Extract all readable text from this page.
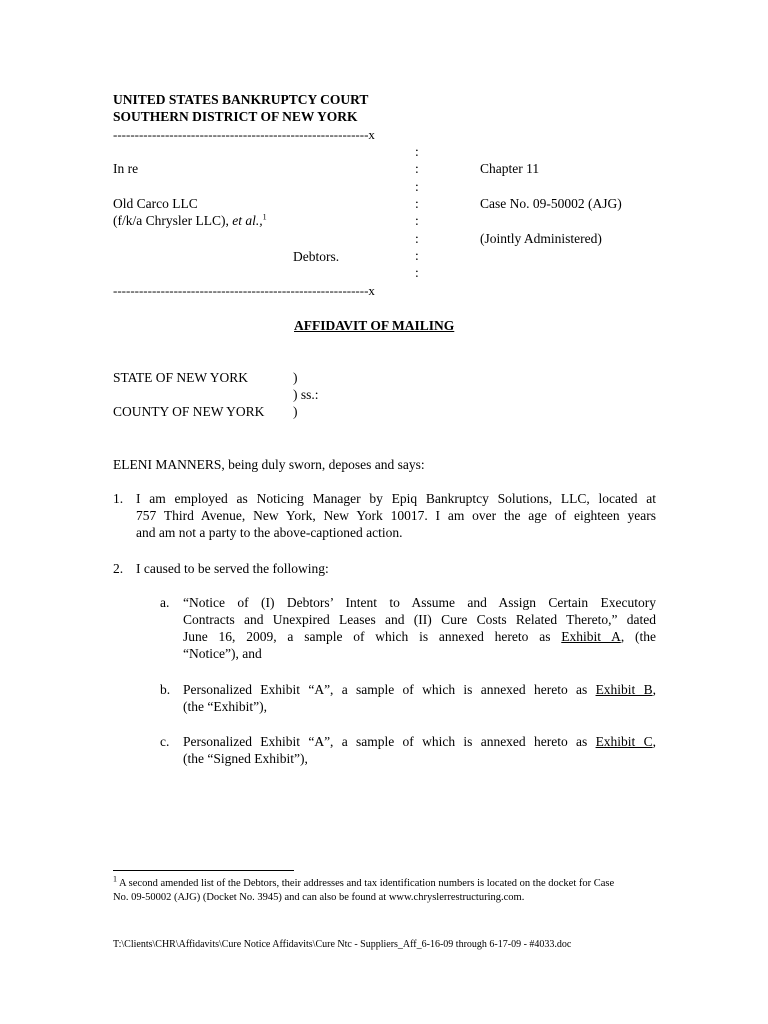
UNITED STATES BANKRUPTCY COURT
SOUTHERN DISTRICT OF NEW YORK
-----------------------------------------------------------x
:
:
:
:
:
:
:
:
In re
Old Carco LLC
(f/k/a Chrysler LLC), et al.,$^1$
Debtors.
Chapter 11
Case No. 09-50002 (AJG)
(Jointly Administered)
-----------------------------------------------------------x
AFFIDAVIT OF MAILING
STATE OF NEW YORK	)
) ss.:
COUNTY OF NEW YORK )
ELENI MANNERS, being duly sworn, deposes and says:
1. I am employed as Noticing Manager by Epiq Bankruptcy Solutions, LLC, located at
757 Third Avenue, New York, New York 10017. I am over the age of eighteen years
and am not a party to the above-captioned action.
2. I caused to be served the following:
a. “Notice of (I) Debtors’ Intent to Assume and Assign Certain Executory
Contracts and Unexpired Leases and (II) Cure Costs Related Thereto,” dated
June 16, 2009, a sample of which is annexed hereto as Exhibit A, (the
“Notice”), and
b. Personalized Exhibit “A”, a sample of which is annexed hereto as Exhibit B,
(the “Exhibit”),
c. Personalized Exhibit “A”, a sample of which is annexed hereto as Exhibit C,
(the “Signed Exhibit”),
$^1$ A second amended list of the Debtors, their addresses and tax identification numbers is located on the docket for Case
No. 09-50002 (AJG) (Docket No. 3945) and can also be found at www.chryslerrestructuring.com.
T:\Clients\CHR\Affidavits\Cure Notice Affidavits\Cure Ntc - Suppliers_Aff_6-16-09 through 6-17-09 - #4033.doc
